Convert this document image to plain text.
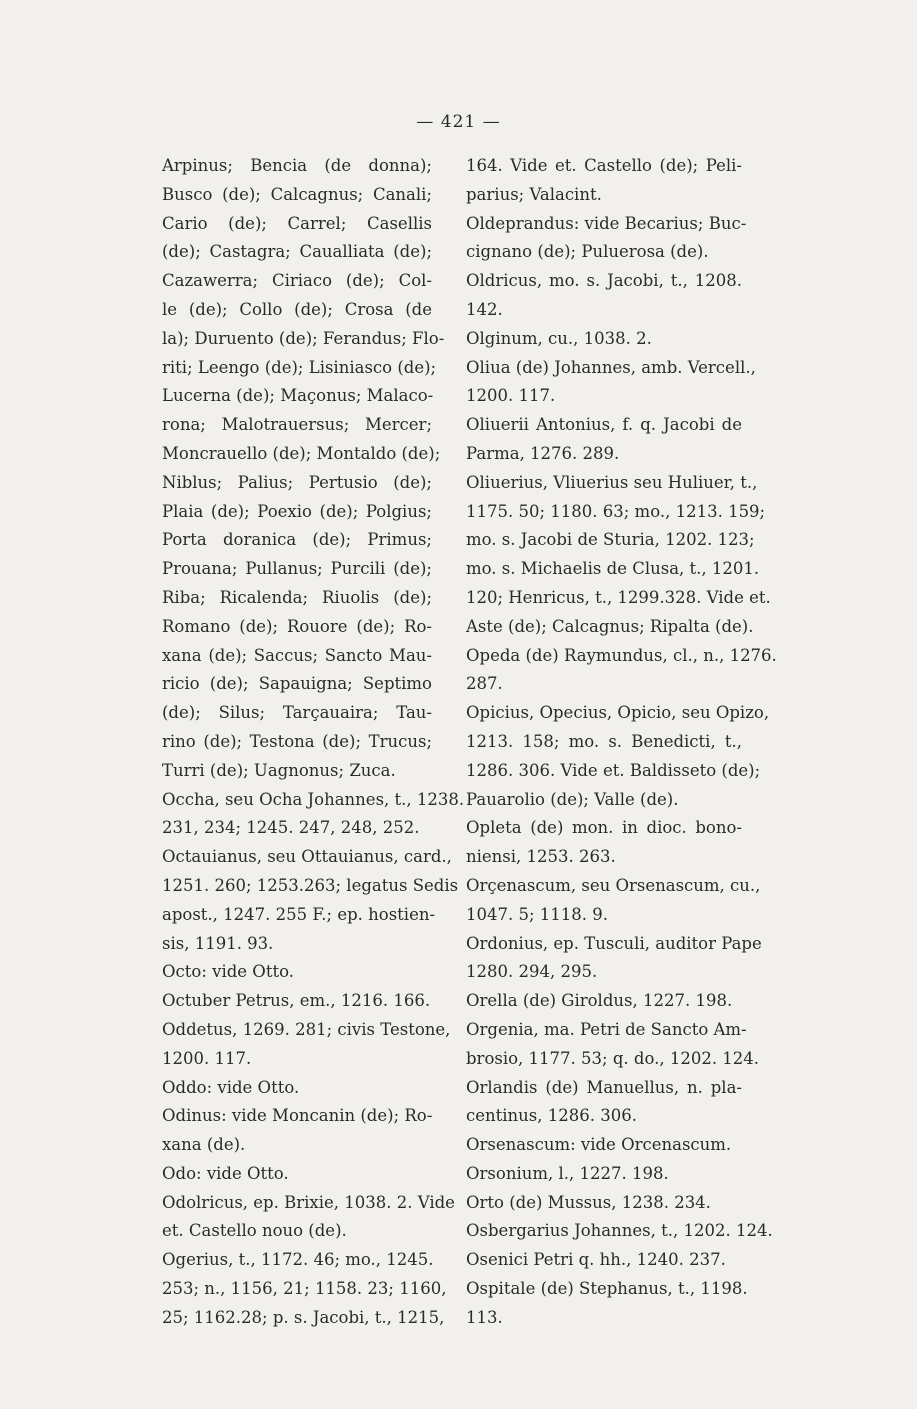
— 421 —
Arpinus; Bencia (de donna);
Busco (de); Calcagnus; Canali;
Cario (de); Carrel; Casellis
(de); Castagra; Caualliata (de);
Cazawerra; Ciriaco (de); Col-
le (de); Collo (de); Crosa (de
la); Duruento (de); Ferandus; Flo-
riti; Leengo (de); Lisiniasco (de);
Lucerna (de); Maçonus; Malaco-
rona; Malotrauersus; Mercer;
Moncrauello (de); Montaldo (de);
Niblus; Palius; Pertusio (de);
Plaia (de); Poexio (de); Polgius;
Porta doranica (de); Primus;
Prouana; Pullanus; Purcili (de);
Riba; Ricalenda; Riuolis (de);
Romano (de); Rouore (de); Ro-
xana (de); Saccus; Sancto Mau-
ricio (de); Sapauigna; Septimo
(de); Silus; Tarçauaira; Tau-
rino (de); Testona (de); Trucus;
Turri (de); Uagnonus; Zuca.
Occha, seu Ocha Johannes, t., 1238.
231, 234; 1245. 247, 248, 252.
Octauianus, seu Ottauianus, card.,
1251. 260; 1253.263; legatus Sedis
apost., 1247. 255 F.; ep. hostien-
sis, 1191. 93.
Octo: vide Otto.
Octuber Petrus, em., 1216. 166.
Oddetus, 1269. 281; civis Testone,
1200. 117.
Oddo: vide Otto.
Odinus: vide Moncanin (de); Ro-
xana (de).
Odo: vide Otto.
Odolricus, ep. Brixie, 1038. 2. Vide
et. Castello nouo (de).
Ogerius, t., 1172. 46; mo., 1245.
253; n., 1156, 21; 1158. 23; 1160,
25; 1162.28; p. s. Jacobi, t., 1215,
164. Vide et. Castello (de); Peli-
parius; Valacint.
Oldeprandus: vide Becarius; Buc-
cignano (de); Puluerosa (de).
Oldricus, mo. s. Jacobi, t., 1208.
142.
Olginum, cu., 1038. 2.
Oliua (de) Johannes, amb. Vercell.,
1200. 117.
Oliuerii Antonius, f. q. Jacobi de
Parma, 1276. 289.
Oliuerius, Vliuerius seu Huliuer, t.,
1175. 50; 1180. 63; mo., 1213. 159;
mo. s. Jacobi de Sturia, 1202. 123;
mo. s. Michaelis de Clusa, t., 1201.
120; Henricus, t., 1299.328. Vide et.
Aste (de); Calcagnus; Ripalta (de).
Opeda (de) Raymundus, cl., n., 1276.
287.
Opicius, Opecius, Opicio, seu Opizo,
1213. 158; mo. s. Benedicti, t.,
1286. 306. Vide et. Baldisseto (de);
Pauarolio (de); Valle (de).
Opleta (de) mon. in dioc. bono-
niensi, 1253. 263.
Orçenascum, seu Orsenascum, cu.,
1047. 5; 1118. 9.
Ordonius, ep. Tusculi, auditor Pape
1280. 294, 295.
Orella (de) Giroldus, 1227. 198.
Orgenia, ma. Petri de Sancto Am-
brosio, 1177. 53; q. do., 1202. 124.
Orlandis (de) Manuellus, n. pla-
centinus, 1286. 306.
Orsenascum: vide Orcenascum.
Orsonium, l., 1227. 198.
Orto (de) Mussus, 1238. 234.
Osbergarius Johannes, t., 1202. 124.
Osenici Petri q. hh., 1240. 237.
Ospitale (de) Stephanus, t., 1198.
113.
